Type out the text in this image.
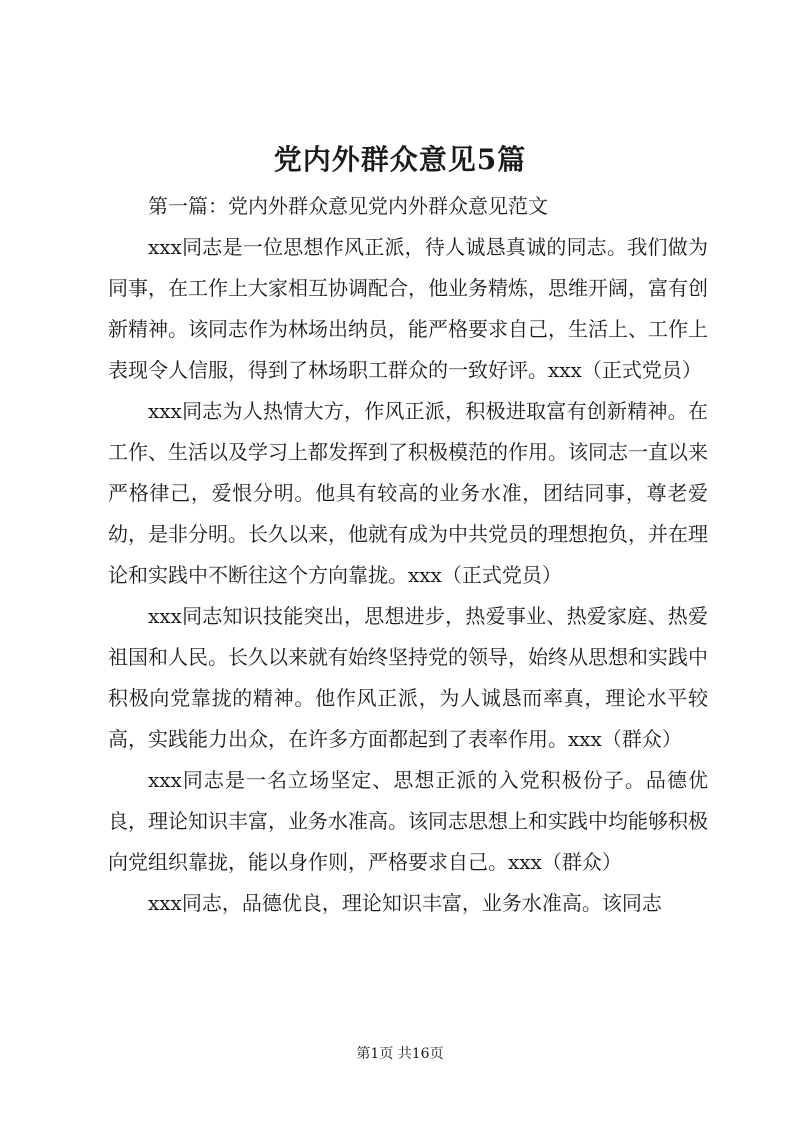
党内外群众意见5篇

第一篇：党内外群众意见党内外群众意见范文

xxx同志是一位思想作风正派，待人诚恳真诚的同志。我们做为同事，在工作上大家相互协调配合，他业务精炼，思维开阔，富有创新精神。该同志作为林场出纳员，能严格要求自己，生活上、工作上表现令人信服，得到了林场职工群众的一致好评。xxx（正式党员）

xxx同志为人热情大方，作风正派，积极进取富有创新精神。在工作、生活以及学习上都发挥到了积极模范的作用。该同志一直以来严格律己，爱恨分明。他具有较高的业务水准，团结同事，尊老爱幼，是非分明。长久以来，他就有成为中共党员的理想抱负，并在理论和实践中不断往这个方向靠拢。xxx（正式党员）

xxx同志知识技能突出，思想进步，热爱事业、热爱家庭、热爱祖国和人民。长久以来就有始终坚持党的领导，始终从思想和实践中积极向党靠拢的精神。他作风正派，为人诚恳而率真，理论水平较高，实践能力出众，在许多方面都起到了表率作用。xxx（群众）

xxx同志是一名立场坚定、思想正派的入党积极份子。品德优良，理论知识丰富，业务水准高。该同志思想上和实践中均能够积极向党组织靠拢，能以身作则，严格要求自己。xxx（群众）

xxx同志，品德优良，理论知识丰富，业务水准高。该同志

第1页 共16页
